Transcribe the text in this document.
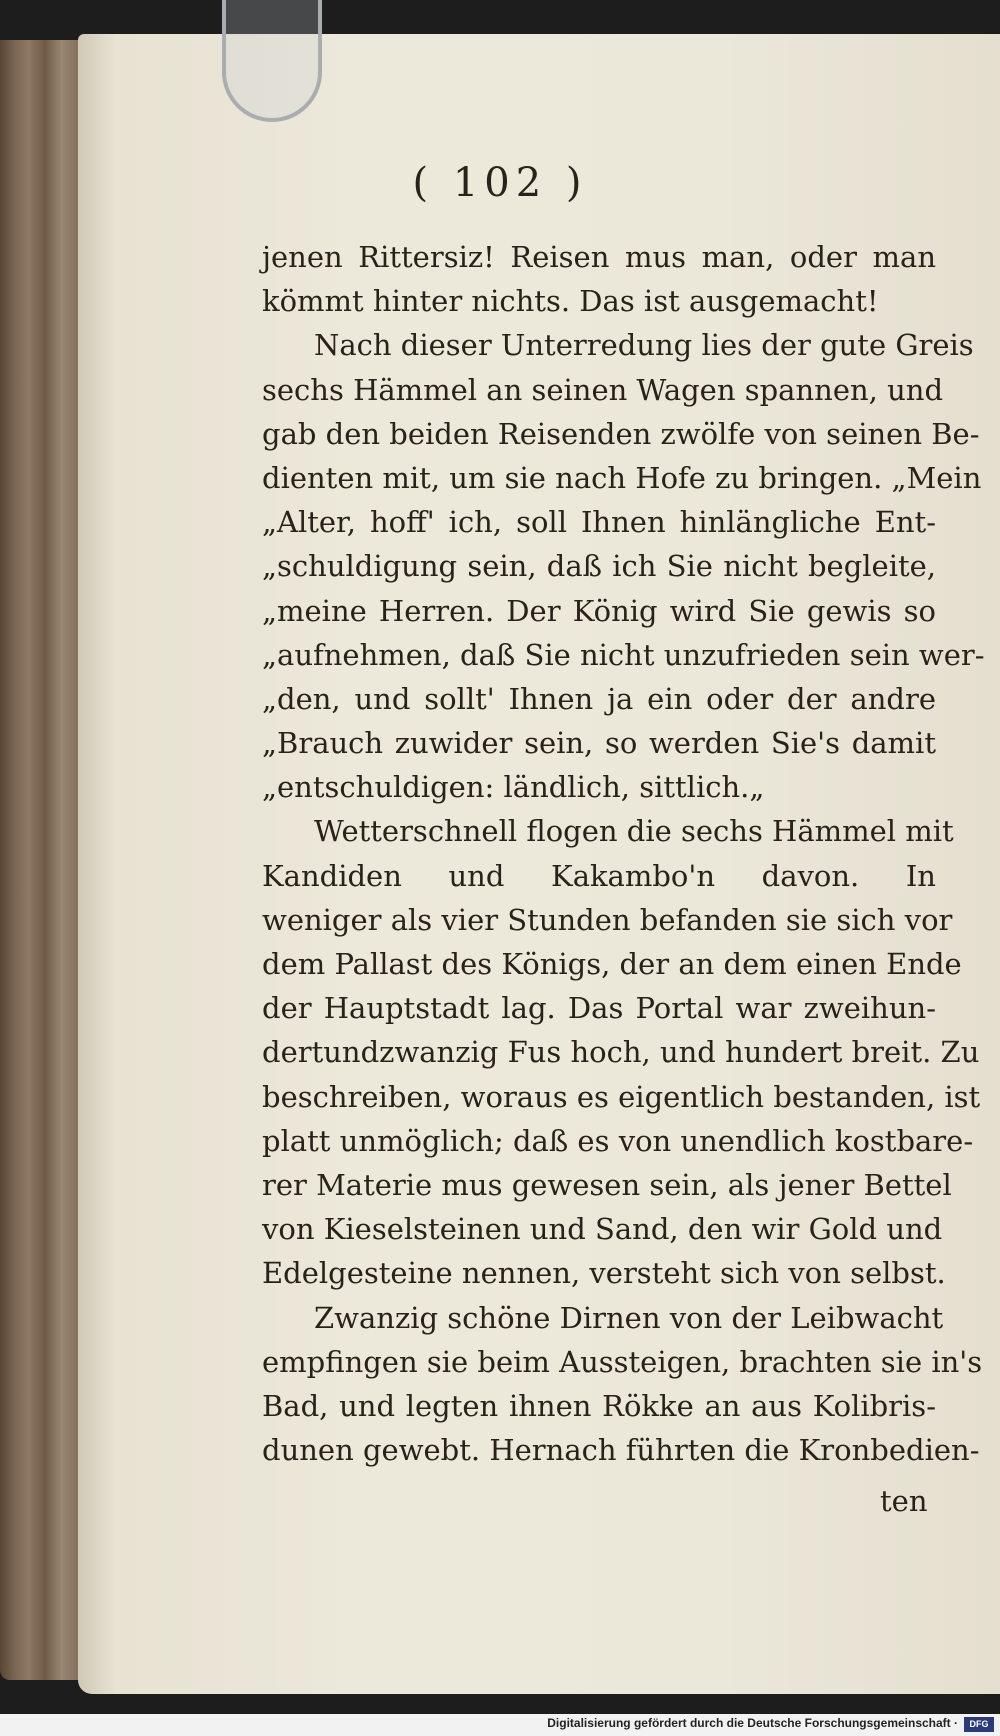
( 102 )
jenen Rittersiz! Reisen mus man, oder man
kömmt hinter nichts. Das ist ausgemacht!
Nach dieser Unterredung lies der gute Greis
sechs Hämmel an seinen Wagen spannen, und
gab den beiden Reisenden zwölfe von seinen Be-
dienten mit, um sie nach Hofe zu bringen. „Mein
„Alter, hoff' ich, soll Ihnen hinlängliche Ent-
„schuldigung sein, daß ich Sie nicht begleite,
„meine Herren. Der König wird Sie gewis so
„aufnehmen, daß Sie nicht unzufrieden sein wer-
„den, und sollt' Ihnen ja ein oder der andre
„Brauch zuwider sein, so werden Sie's damit
„entschuldigen: ländlich, sittlich.„
Wetterschnell flogen die sechs Hämmel mit
Kandiden und Kakambo'n davon. In
weniger als vier Stunden befanden sie sich vor
dem Pallast des Königs, der an dem einen Ende
der Hauptstadt lag. Das Portal war zweihun-
dertundzwanzig Fus hoch, und hundert breit. Zu
beschreiben, woraus es eigentlich bestanden, ist
platt unmöglich; daß es von unendlich kostbare-
rer Materie mus gewesen sein, als jener Bettel
von Kieselsteinen und Sand, den wir Gold und
Edelgesteine nennen, versteht sich von selbst.
Zwanzig schöne Dirnen von der Leibwacht
empfingen sie beim Aussteigen, brachten sie in's
Bad, und legten ihnen Rökke an aus Kolibris-
dunen gewebt. Hernach führten die Kronbedien-
ten
Digitalisierung gefördert durch die Deutsche Forschungsgemeinschaft ·	DFG
